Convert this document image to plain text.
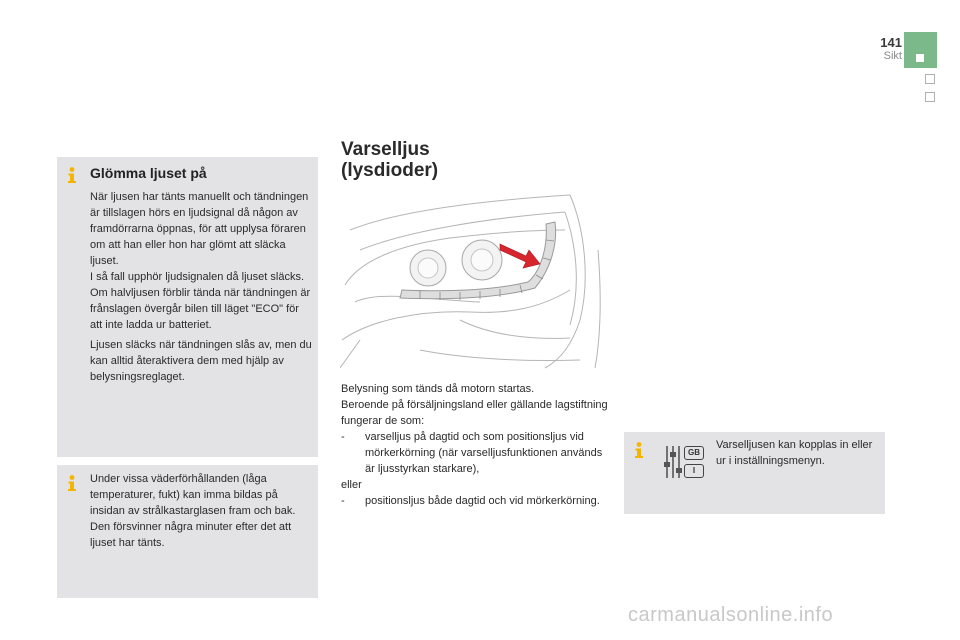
141
Sikt
Glömma ljuset på

När ljusen har tänts manuellt och tändningen är tillslagen hörs en ljudsignal då någon av framdörrarna öppnas, för att upplysa föraren om att han eller hon har glömt att släcka ljuset.

I så fall upphör ljudsignalen då ljuset släcks.

Om halvljusen förblir tända när tändningen är frånslagen övergår bilen till läget "ECO" för att inte ladda ur batteriet.

Ljusen släcks när tändningen slås av, men du kan alltid återaktivera dem med hjälp av belysningsreglaget.

Under vissa väderförhållanden (låga temperaturer, fukt) kan imma bildas på insidan av strålkastarglasen fram och bak. Den försvinner några minuter efter det att ljuset har tänts.

Varselljus
(lysdioder)

Belysning som tänds då motorn startas.

Beroende på försäljningsland eller gällande lagstiftning fungerar de som:

-	varselljus på dagtid och som positionsljus vid mörkerkörning (när varselljusfunktionen används är ljusstyrkan starkare),

eller

-	positionsljus både dagtid och vid mörkerkörning.
GB
I

Varselljusen kan kopplas in eller ur i inställningsmenyn.

carmanualsonline.info
